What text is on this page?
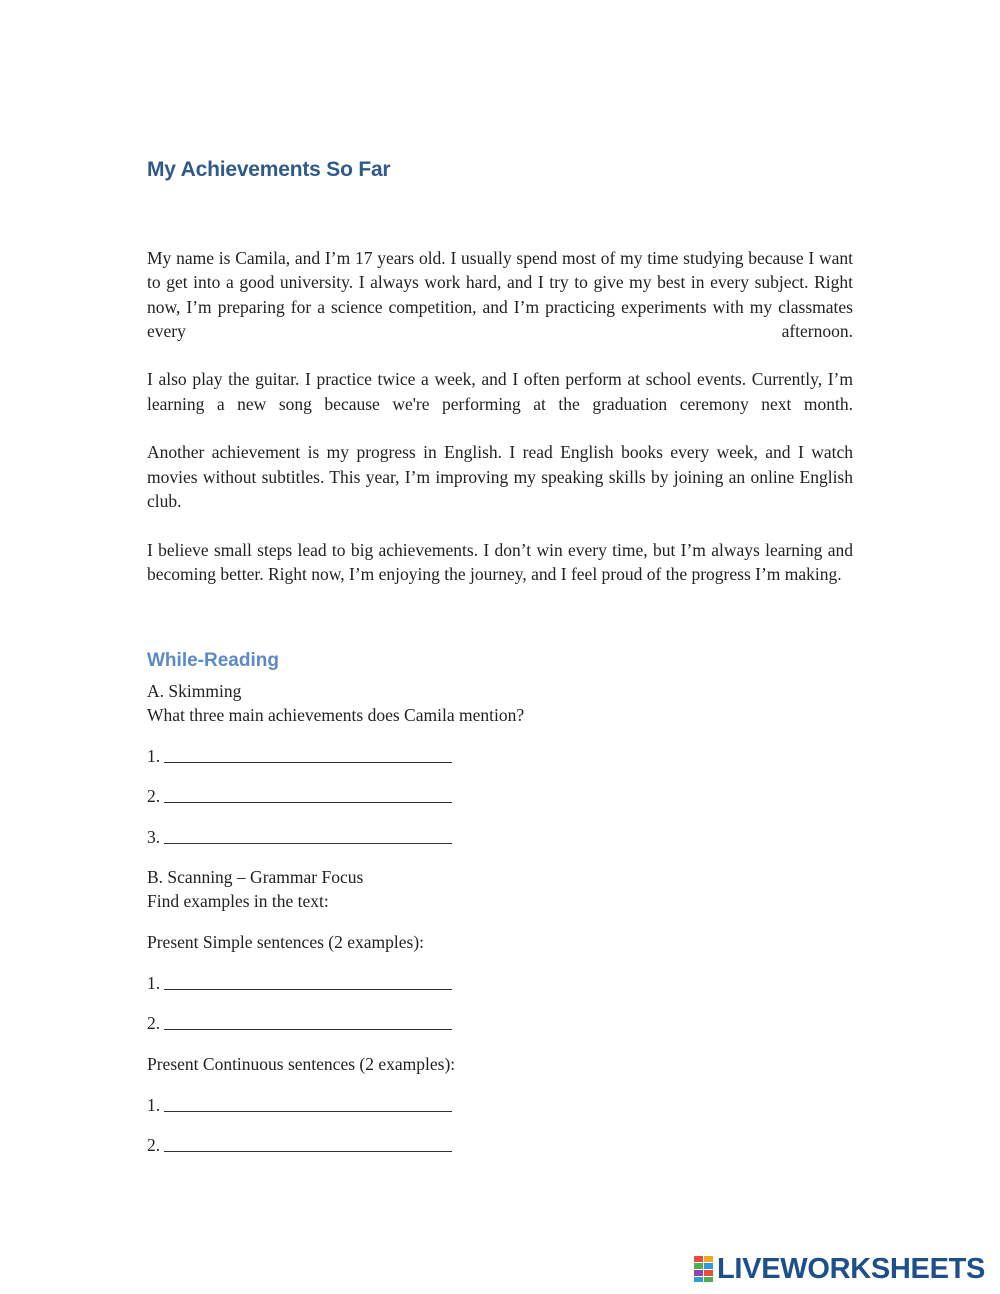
My Achievements So Far

My name is Camila, and I’m 17 years old. I usually spend most of my time studying because I want to get into a good university. I always work hard, and I try to give my best in every subject. Right now, I’m preparing for a science competition, and I’m practicing experiments with my classmates every afternoon.

I also play the guitar. I practice twice a week, and I often perform at school events. Currently, I’m learning a new song because we're performing at the graduation ceremony next month.

Another achievement is my progress in English. I read English books every week, and I watch movies without subtitles. This year, I’m improving my speaking skills by joining an online English club.

I believe small steps lead to big achievements. I don’t win every time, but I’m always learning and becoming better. Right now, I’m enjoying the journey, and I feel proud of the progress I’m making.

While-Reading

A. Skimming

What three main achievements does Camila mention?

1.
2.
3.

B. Scanning – Grammar Focus

Find examples in the text:

Present Simple sentences (2 examples):

1.
2.

Present Continuous sentences (2 examples):

1.
2.
LIVEWORKSHEETS
